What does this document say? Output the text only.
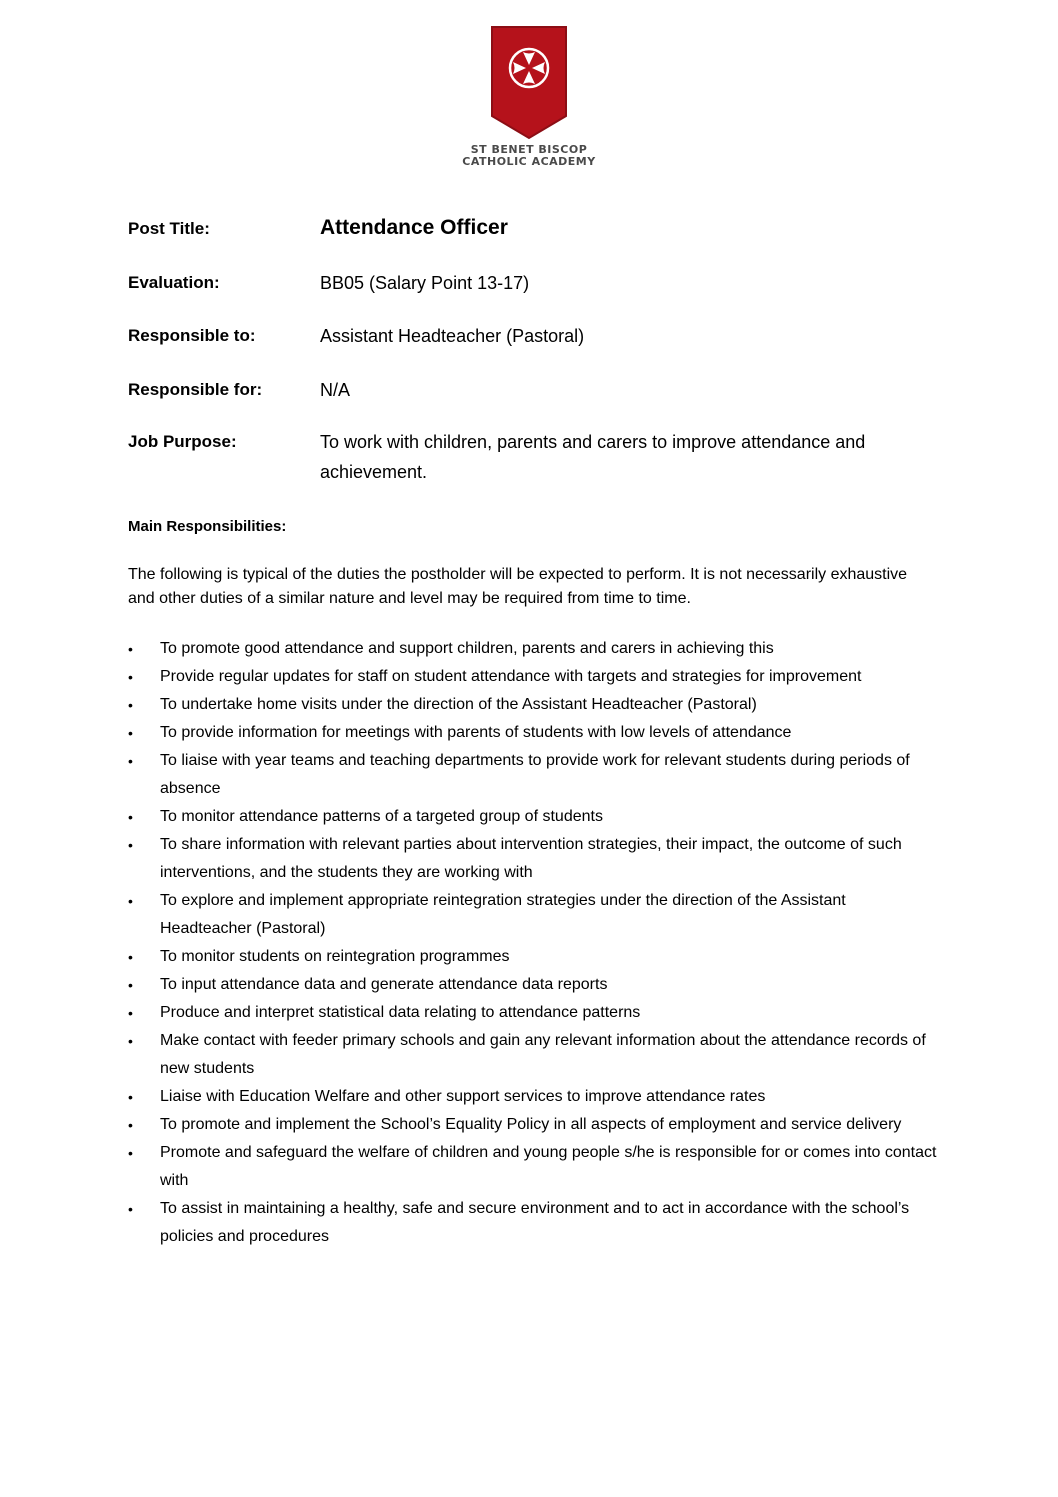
ST BENET BISCOP
CATHOLIC ACADEMY
Post Title:	Attendance Officer
Evaluation:	BB05 (Salary Point 13-17)
Responsible to:	Assistant Headteacher (Pastoral)
Responsible for:	N/A
Job Purpose:	To work with children, parents and carers to improve attendance and achievement.
Main Responsibilities:
The following is typical of the duties the postholder will be expected to perform. It is not necessarily exhaustive and other duties of a similar nature and level may be required from time to time.
• To promote good attendance and support children, parents and carers in achieving this
• Provide regular updates for staff on student attendance with targets and strategies for improvement
• To undertake home visits under the direction of the Assistant Headteacher (Pastoral)
• To provide information for meetings with parents of students with low levels of attendance
• To liaise with year teams and teaching departments to provide work for relevant students during periods of absence
• To monitor attendance patterns of a targeted group of students
• To share information with relevant parties about intervention strategies, their impact, the outcome of such interventions, and the students they are working with
• To explore and implement appropriate reintegration strategies under the direction of the Assistant Headteacher (Pastoral)
• To monitor students on reintegration programmes
• To input attendance data and generate attendance data reports
• Produce and interpret statistical data relating to attendance patterns
• Make contact with feeder primary schools and gain any relevant information about the attendance records of new students
• Liaise with Education Welfare and other support services to improve attendance rates
• To promote and implement the School’s Equality Policy in all aspects of employment and service delivery
• Promote and safeguard the welfare of children and young people s/he is responsible for or comes into contact with
• To assist in maintaining a healthy, safe and secure environment and to act in accordance with the school’s policies and procedures
